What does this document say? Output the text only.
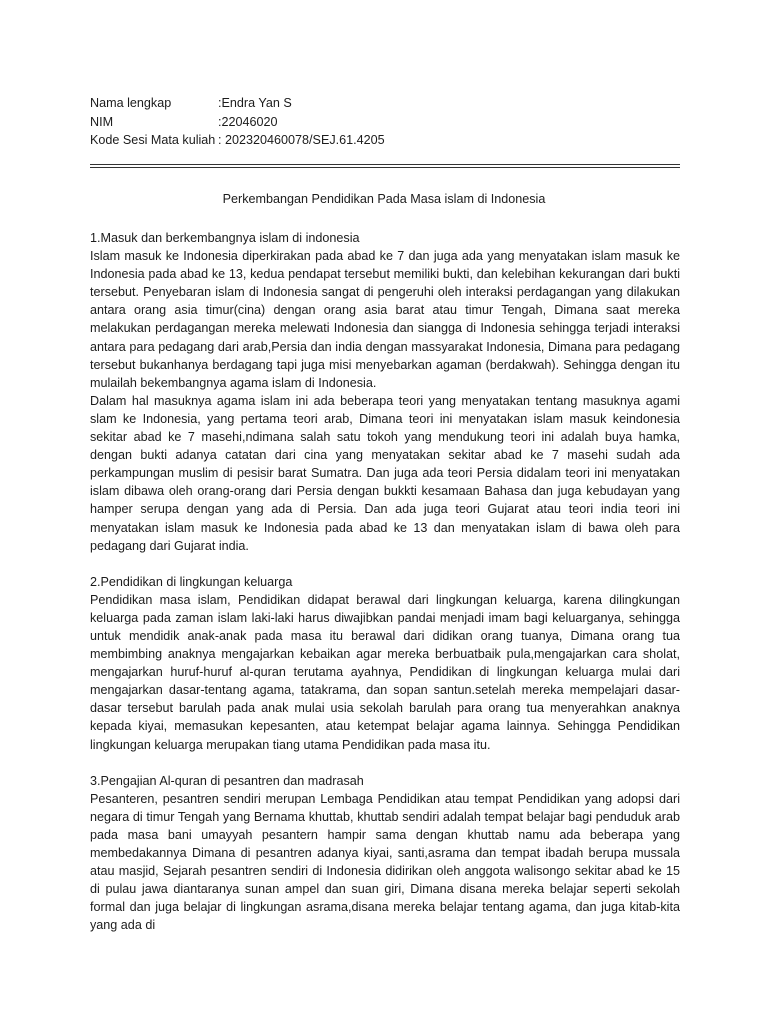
Nama lengkap	:Endra Yan S
NIM	:22046020
Kode Sesi Mata kuliah : 202320460078/SEJ.61.4205
Perkembangan Pendidikan Pada Masa islam di Indonesia

1.Masuk dan berkembangnya islam di indonesia

Islam masuk ke Indonesia diperkirakan pada abad ke 7 dan juga ada yang menyatakan islam masuk ke Indonesia pada abad ke 13, kedua pendapat tersebut memiliki bukti, dan kelebihan kekurangan dari bukti tersebut. Penyebaran islam di Indonesia sangat di pengeruhi oleh interaksi perdagangan yang dilakukan antara orang asia timur(cina) dengan orang asia barat atau timur Tengah, Dimana saat mereka melakukan perdagangan mereka melewati Indonesia dan siangga di Indonesia sehingga terjadi interaksi antara para pedagang dari arab,Persia dan india dengan massyarakat Indonesia, Dimana para pedagang tersebut bukanhanya berdagang tapi juga misi menyebarkan agaman (berdakwah). Sehingga dengan itu mulailah bekembangnya agama islam di Indonesia.

Dalam hal masuknya agama islam ini ada beberapa teori yang menyatakan tentang masuknya agami slam ke Indonesia, yang pertama teori arab, Dimana teori ini menyatakan islam masuk keindonesia sekitar abad ke 7 masehi,ndimana salah satu tokoh yang mendukung teori ini adalah buya hamka, dengan bukti adanya catatan dari cina yang menyatakan sekitar abad ke 7 masehi sudah ada perkampungan muslim di pesisir barat Sumatra. Dan juga ada teori Persia didalam teori ini menyatakan islam dibawa oleh orang-orang dari Persia dengan bukkti kesamaan Bahasa dan juga kebudayan yang hamper serupa dengan yang ada di Persia. Dan ada juga teori Gujarat atau teori india teori ini menyatakan islam masuk ke Indonesia pada abad ke 13 dan menyatakan islam di bawa oleh para pedagang dari Gujarat india.

2.Pendidikan di lingkungan keluarga

Pendidikan masa islam, Pendidikan didapat berawal dari lingkungan keluarga, karena dilingkungan keluarga pada zaman islam laki-laki harus diwajibkan pandai menjadi imam bagi keluarganya, sehingga untuk mendidik anak-anak pada masa itu berawal dari didikan orang tuanya, Dimana orang tua membimbing anaknya mengajarkan kebaikan agar mereka berbuatbaik pula,mengajarkan cara sholat, mengajarkan huruf-huruf al-quran terutama ayahnya, Pendidikan di lingkungan keluarga mulai dari mengajarkan dasar-tentang agama, tatakrama, dan sopan santun.setelah mereka mempelajari dasar-dasar tersebut barulah pada anak mulai usia sekolah barulah para orang tua menyerahkan anaknya kepada kiyai, memasukan kepesanten, atau ketempat belajar agama lainnya. Sehingga Pendidikan lingkungan keluarga merupakan tiang utama Pendidikan pada masa itu.

3.Pengajian Al-quran di pesantren dan madrasah

Pesanteren, pesantren sendiri merupan Lembaga Pendidikan atau tempat Pendidikan yang adopsi dari negara di timur Tengah yang Bernama khuttab, khuttab sendiri adalah tempat belajar bagi penduduk arab pada masa bani umayyah pesantern hampir sama dengan khuttab namu ada beberapa yang membedakannya Dimana di pesantren adanya kiyai, santi,asrama dan tempat ibadah berupa mussala atau masjid, Sejarah pesantren sendiri di Indonesia didirikan oleh anggota walisongo sekitar abad ke 15 di pulau jawa diantaranya sunan ampel dan suan giri, Dimana disana mereka belajar seperti sekolah formal dan juga belajar di lingkungan asrama,disana mereka belajar tentang agama, dan juga kitab-kita yang ada di
